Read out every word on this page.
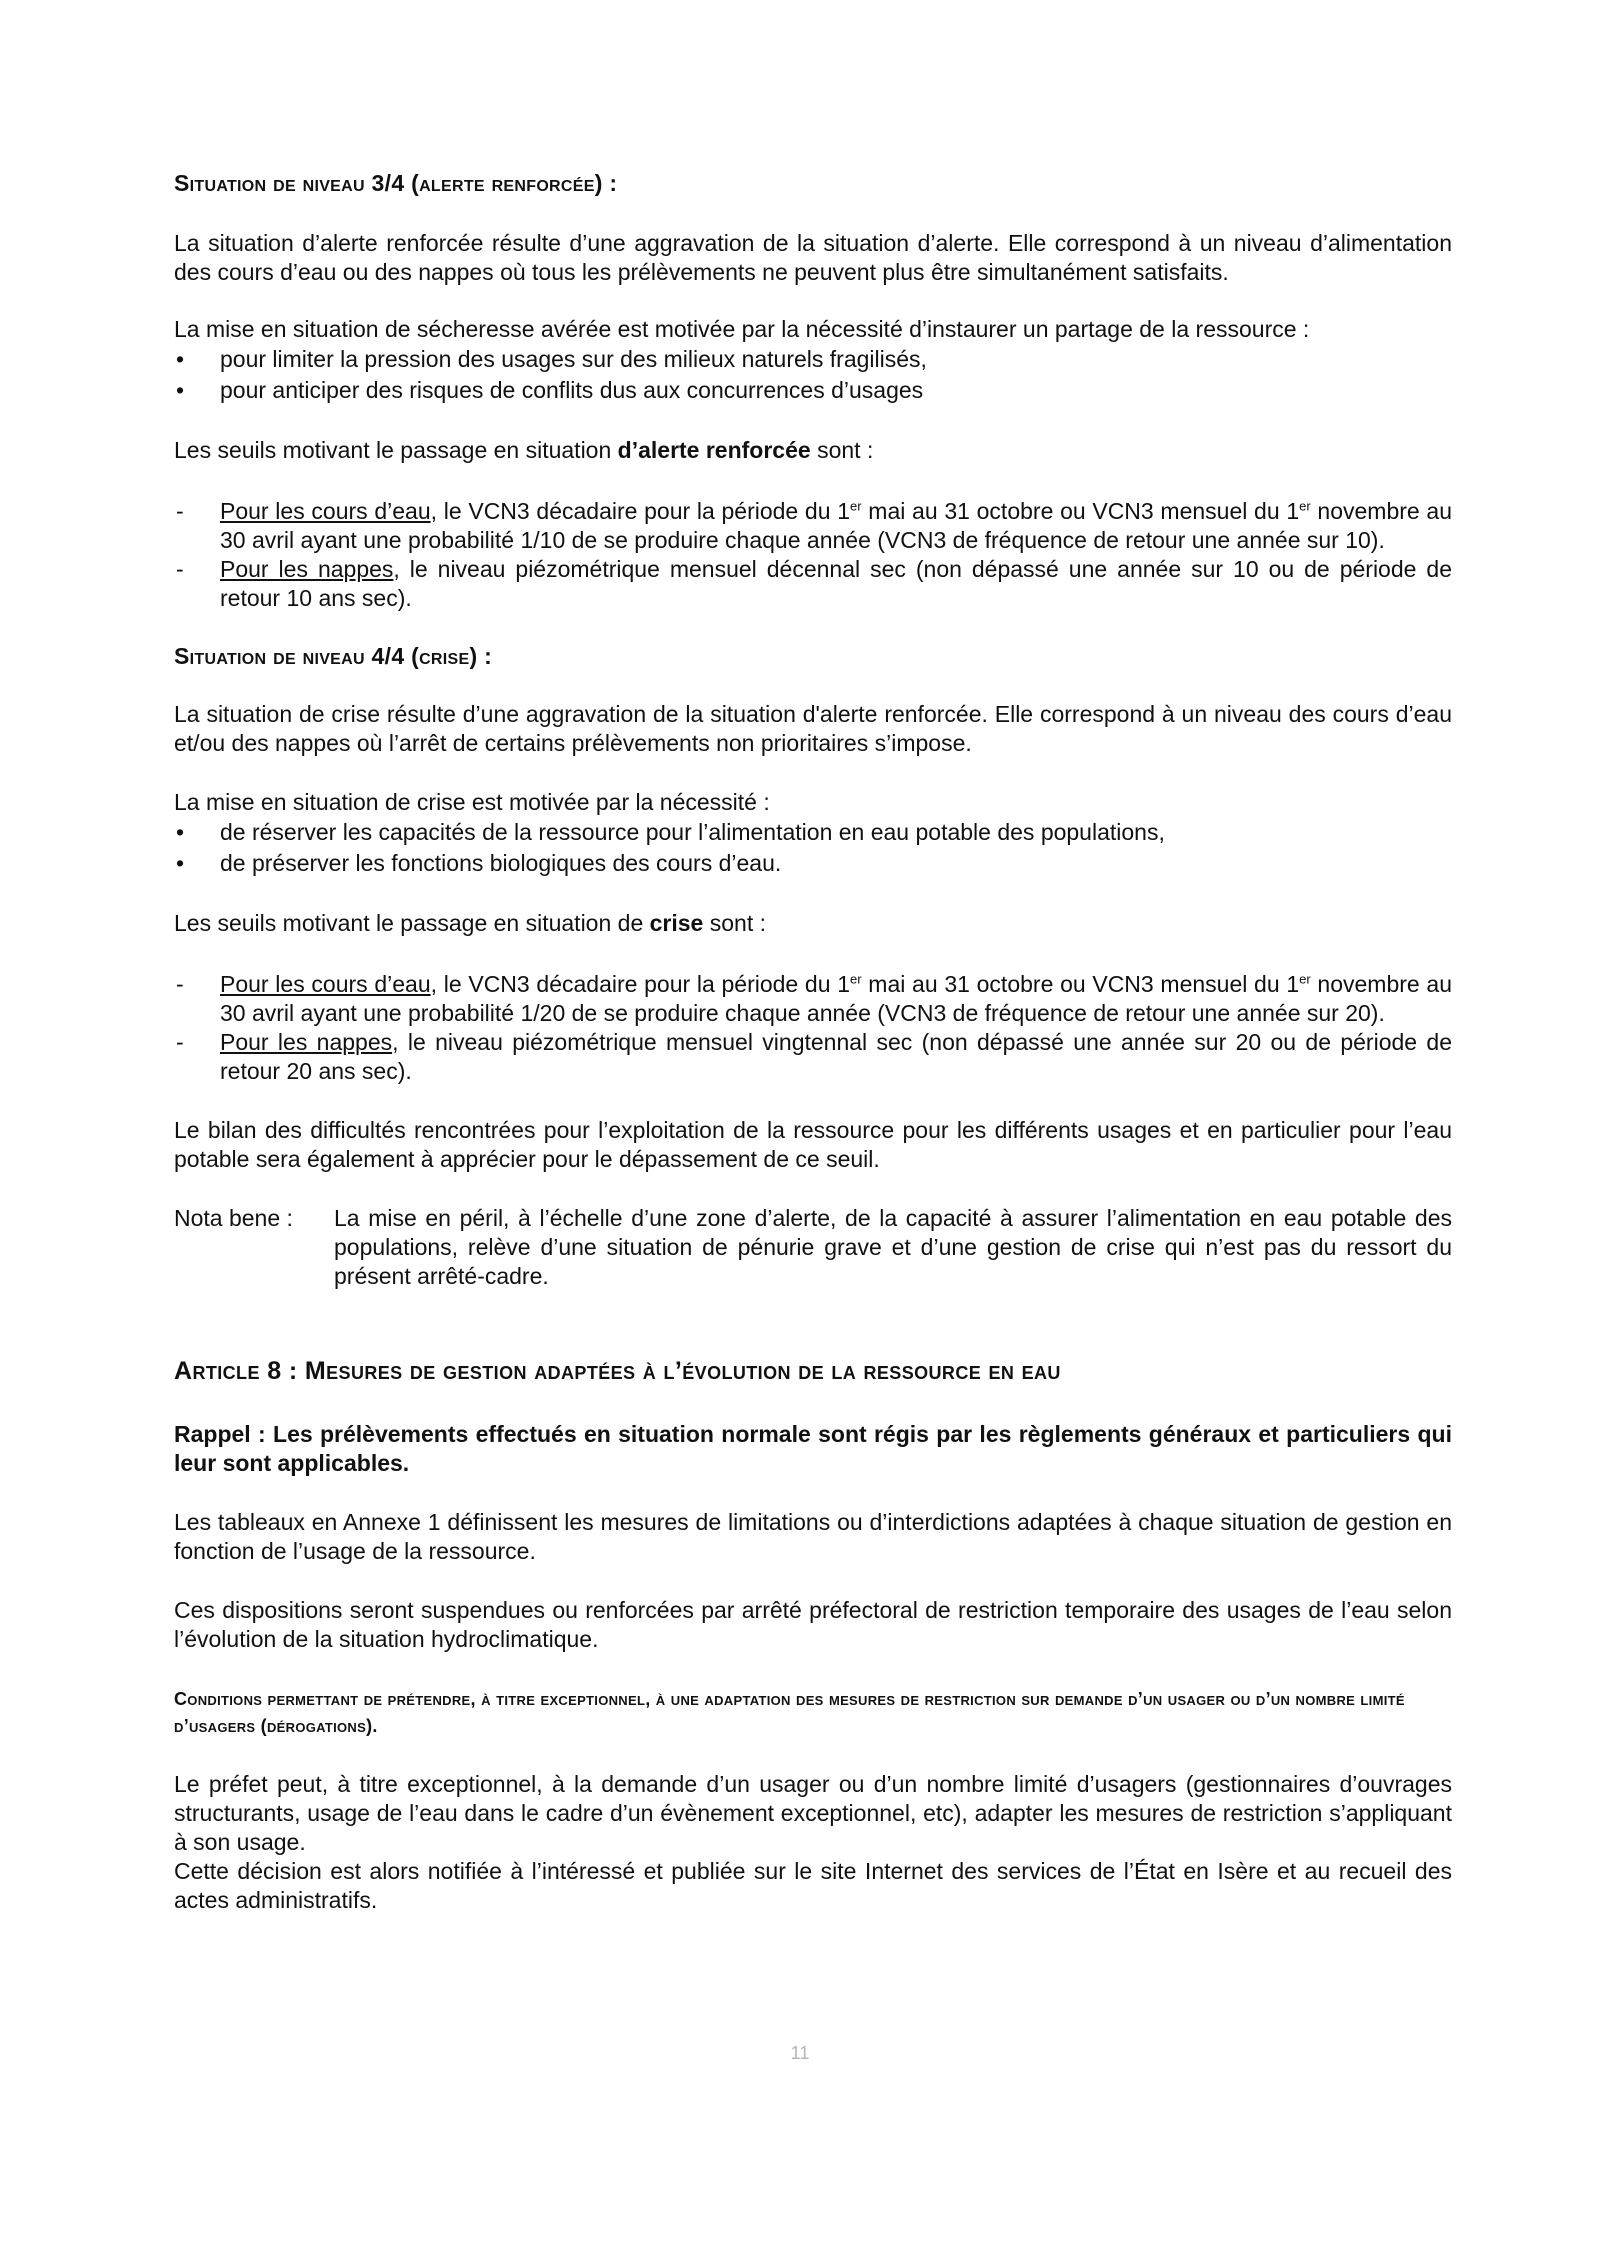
Situation de niveau 3/4 (alerte renforcée) :

La situation d’alerte renforcée résulte d’une aggravation de la situation d’alerte. Elle correspond à un niveau d’alimentation des cours d’eau ou des nappes où tous les prélèvements ne peuvent plus être simultanément satisfaits.

La mise en situation de sécheresse avérée est motivée par la nécessité d’instaurer un partage de la ressource :

• pour limiter la pression des usages sur des milieux naturels fragilisés,
• pour anticiper des risques de conflits dus aux concurrences d’usages

Les seuils motivant le passage en situation d’alerte renforcée sont :

- Pour les cours d’eau, le VCN3 décadaire pour la période du 1er mai au 31 octobre ou VCN3 mensuel du 1er novembre au 30 avril ayant une probabilité 1/10 de se produire chaque année (VCN3 de fréquence de retour une année sur 10).
- Pour les nappes, le niveau piézométrique mensuel décennal sec (non dépassé une année sur 10 ou de période de retour 10 ans sec).
Situation de niveau 4/4 (crise) :

La situation de crise résulte d’une aggravation de la situation d'alerte renforcée. Elle correspond à un niveau des cours d’eau et/ou des nappes où l’arrêt de certains prélèvements non prioritaires s’impose.

La mise en situation de crise est motivée par la nécessité :

• de réserver les capacités de la ressource pour l’alimentation en eau potable des populations,
• de préserver les fonctions biologiques des cours d’eau.

Les seuils motivant le passage en situation de crise sont :

- Pour les cours d’eau, le VCN3 décadaire pour la période du 1er mai au 31 octobre ou VCN3 mensuel du 1er novembre au 30 avril ayant une probabilité 1/20 de se produire chaque année (VCN3 de fréquence de retour une année sur 20).
- Pour les nappes, le niveau piézométrique mensuel vingtennal sec (non dépassé une année sur 20 ou de période de retour 20 ans sec).

Le bilan des difficultés rencontrées pour l’exploitation de la ressource pour les différents usages et en particulier pour l’eau potable sera également à apprécier pour le dépassement de ce seuil.

Nota bene :	La mise en péril, à l’échelle d’une zone d’alerte, de la capacité à assurer l’alimentation en eau potable des populations, relève d’une situation de pénurie grave et d’une gestion de crise qui n’est pas du ressort du présent arrêté-cadre.

Article 8 : Mesures de gestion adaptées à l’évolution de la ressource en eau

Rappel : Les prélèvements effectués en situation normale sont régis par les règlements généraux et particuliers qui leur sont applicables.

Les tableaux en Annexe 1 définissent les mesures de limitations ou d’interdictions adaptées à chaque situation de gestion en fonction de l’usage de la ressource.

Ces dispositions seront suspendues ou renforcées par arrêté préfectoral de restriction temporaire des usages de l’eau selon l’évolution de la situation hydroclimatique.

Conditions permettant de prétendre, à titre exceptionnel, à une adaptation des mesures de restriction sur demande d’un usager ou d’un nombre limité d’usagers (dérogations).

Le préfet peut, à titre exceptionnel, à la demande d’un usager ou d’un nombre limité d’usagers (gestionnaires d’ouvrages structurants, usage de l’eau dans le cadre d’un évènement exceptionnel, etc), adapter les mesures de restriction s’appliquant à son usage.

Cette décision est alors notifiée à l’intéressé et publiée sur le site Internet des services de l’État en Isère et au recueil des actes administratifs.

11
